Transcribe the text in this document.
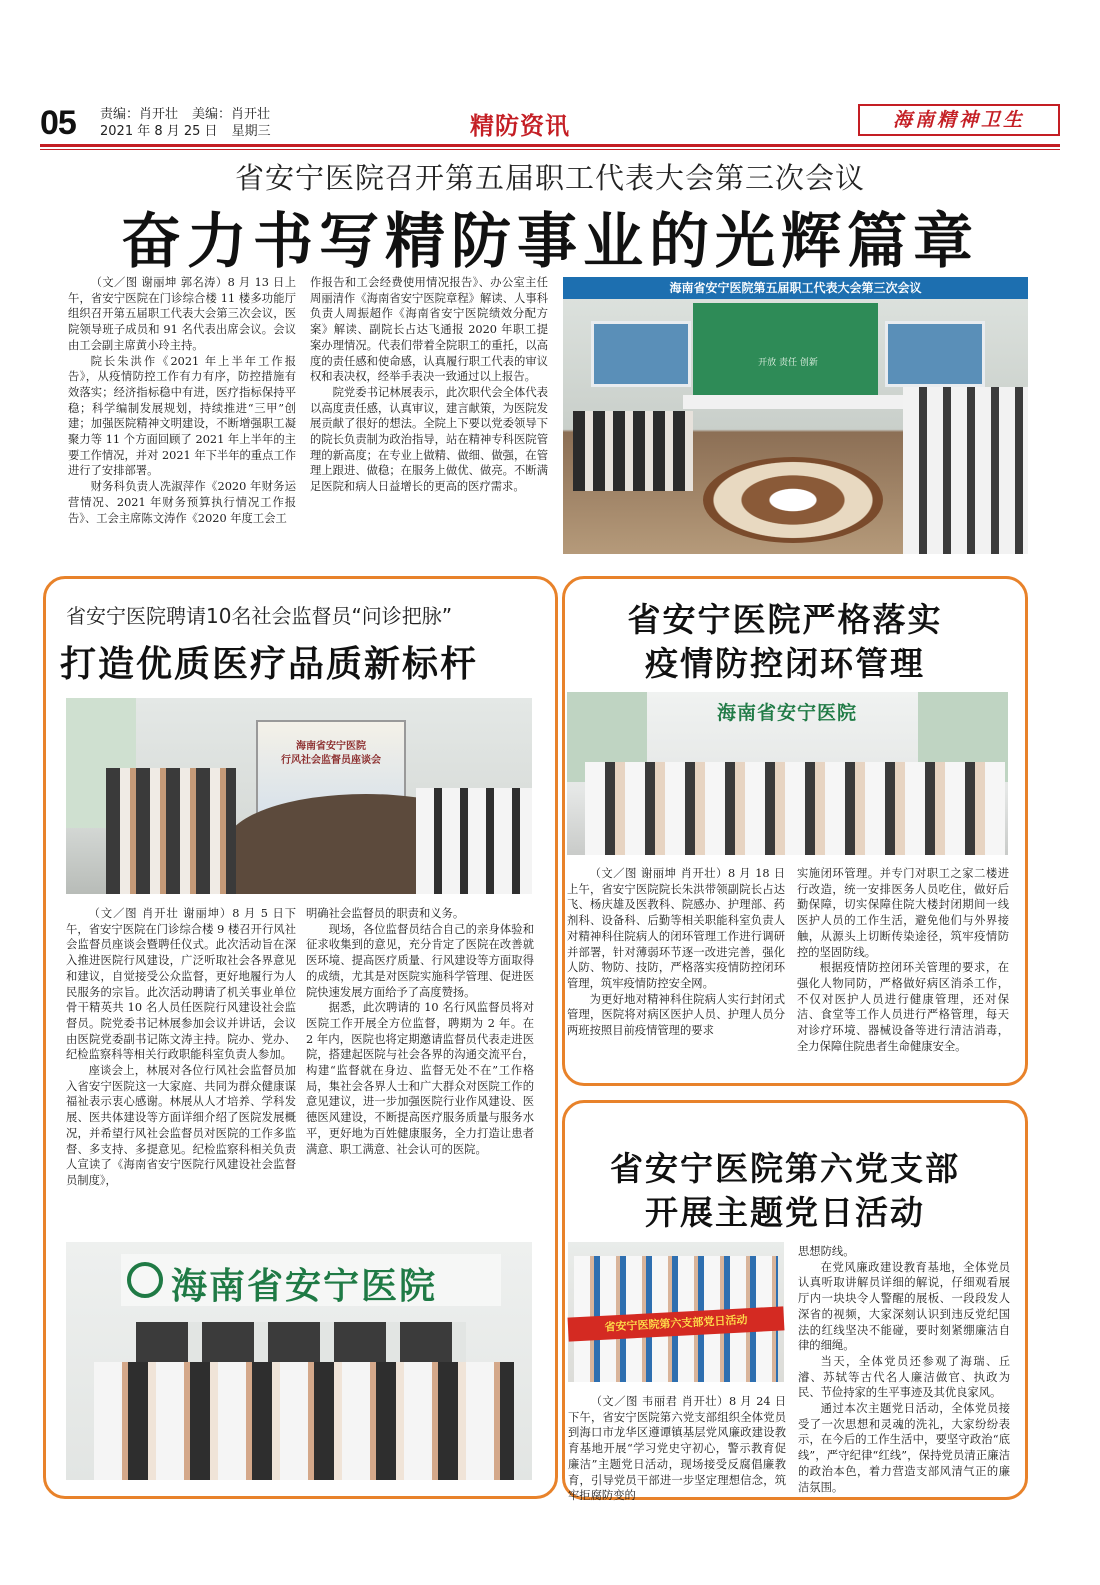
05 责编：肖开壮 美编：肖开壮
2021 年 8 月 25 日 星期三	精防资讯	海南精神卫生
省安宁医院召开第五届职工代表大会第三次会议
奋力书写精防事业的光辉篇章

（文／图 谢丽坤 郭名涛）8 月 13 日上午，省安宁医院在门诊综合楼 11 楼多功能厅组织召开第五届职工代表大会第三次会议，医院领导班子成员和 91 名代表出席会议。会议由工会副主席黄小玲主持。

院长朱洪作《2021 年上半年工作报告》，从疫情防控工作有力有序，防控措施有效落实；经济指标稳中有进，医疗指标保持平稳；科学编制发展规划，持续推进“三甲”创建；加强医院精神文明建设，不断增强职工凝聚力等 11 个方面回顾了 2021 年上半年的主要工作情况，并对 2021 年下半年的重点工作进行了安排部署。

财务科负责人冼淑萍作《2020 年财务运营情况、2021 年财务预算执行情况工作报告》、工会主席陈文涛作《2020 年度工会工

作报告和工会经费使用情况报告》、办公室主任周丽清作《海南省安宁医院章程》解读、人事科负责人周振超作《海南省安宁医院绩效分配方案》解读、副院长占达飞通报 2020 年职工提案办理情况。代表们带着全院职工的重托，以高度的责任感和使命感，认真履行职工代表的审议权和表决权，经举手表决一致通过以上报告。

院党委书记林展表示，此次职代会全体代表以高度责任感，认真审议，建言献策，为医院发展贡献了很好的想法。全院上下要以党委领导下的院长负责制为政治指导，站在精神专科医院管理的新高度；在专业上做精、做细、做强，在管理上跟进、做稳；在服务上做优、做亮。不断满足医院和病人日益增长的更高的医疗需求。

海南省安宁医院第五届职工代表大会第三次会议
开放 责任 创新
省安宁医院聘请10名社会监督员“问诊把脉”
打造优质医疗品质新标杆
海南省安宁医院
行风社会监督员座谈会

（文／图 肖开壮 谢丽坤）8 月 5 日下午，省安宁医院在门诊综合楼 9 楼召开行风社会监督员座谈会暨聘任仪式。此次活动旨在深入推进医院行风建设，广泛听取社会各界意见和建议，自觉接受公众监督，更好地履行为人民服务的宗旨。此次活动聘请了机关事业单位骨干精英共 10 名人员任医院行风建设社会监督员。院党委书记林展参加会议并讲话，会议由医院党委副书记陈文涛主持。院办、党办、纪检监察科等相关行政职能科室负责人参加。

座谈会上，林展对各位行风社会监督员加入省安宁医院这一大家庭、共同为群众健康谋福祉表示衷心感谢。林展从人才培养、学科发展、医共体建设等方面详细介绍了医院发展概况，并希望行风社会监督员对医院的工作多监督、多支持、多提意见。纪检监察科相关负责人宣读了《海南省安宁医院行风建设社会监督员制度》，

明确社会监督员的职责和义务。

现场，各位监督员结合自己的亲身体验和征求收集到的意见，充分肯定了医院在改善就医环境、提高医疗质量、行风建设等方面取得的成绩，尤其是对医院实施科学管理、促进医院快速发展方面给予了高度赞扬。

据悉，此次聘请的 10 名行风监督员将对医院工作开展全方位监督，聘期为 2 年。在 2 年内，医院也将定期邀请监督员代表走进医院，搭建起医院与社会各界的沟通交流平台，构建“监督就在身边、监督无处不在”工作格局，集社会各界人士和广大群众对医院工作的意见建议，进一步加强医院行业作风建设、医德医风建设，不断提高医疗服务质量与服务水平，更好地为百姓健康服务，全力打造让患者满意、职工满意、社会认可的医院。

海南省安宁医院
省安宁医院严格落实
疫情防控闭环管理
海南省安宁医院

（文／图 谢丽坤 肖开壮）8 月 18 日上午，省安宁医院院长朱洪带领副院长占达飞、杨庆雄及医教科、院感办、护理部、药剂科、设备科、后勤等相关职能科室负责人对精神科住院病人的闭环管理工作进行调研并部署，针对薄弱环节逐一改进完善，强化人防、物防、技防，严格落实疫情防控闭环管理，筑牢疫情防控安全网。

为更好地对精神科住院病人实行封闭式管理，医院将对病区医护人员、护理人员分两班按照目前疫情管理的要求

实施闭环管理。并专门对职工之家二楼进行改造，统一安排医务人员吃住，做好后勤保障，切实保障住院大楼封闭期间一线医护人员的工作生活，避免他们与外界接触，从源头上切断传染途径，筑牢疫情防控的坚固防线。

根据疫情防控闭环关管理的要求，在强化人物同防，严格做好病区消杀工作，不仅对医护人员进行健康管理，还对保洁、食堂等工作人员进行严格管理，每天对诊疗环境、器械设备等进行清洁消毒，全力保障住院患者生命健康安全。

省安宁医院第六党支部
开展主题党日活动
省安宁医院第六支部党日活动

（文／图 韦丽君 肖开壮）8 月 24 日下午，省安宁医院第六党支部组织全体党员到海口市龙华区遵谭镇基层党风廉政建设教育基地开展“学习党史守初心，警示教育促廉洁”主题党日活动，现场接受反腐倡廉教育，引导党员干部进一步坚定理想信念，筑牢拒腐防变的

思想防线。

在党风廉政建设教育基地，全体党员认真听取讲解员详细的解说，仔细观看展厅内一块块令人警醒的展板、一段段发人深省的视频，大家深刻认识到违反党纪国法的红线坚决不能碰，要时刻紧绷廉洁自律的细绳。

当天，全体党员还参观了海瑞、丘濬、苏轼等古代名人廉洁做官、执政为民、节俭持家的生平事迹及其优良家风。

通过本次主题党日活动，全体党员接受了一次思想和灵魂的洗礼，大家纷纷表示，在今后的工作生活中，要坚守政治“底线”，严守纪律“红线”，保持党员清正廉洁的政治本色，着力营造支部风清气正的廉洁氛围。
